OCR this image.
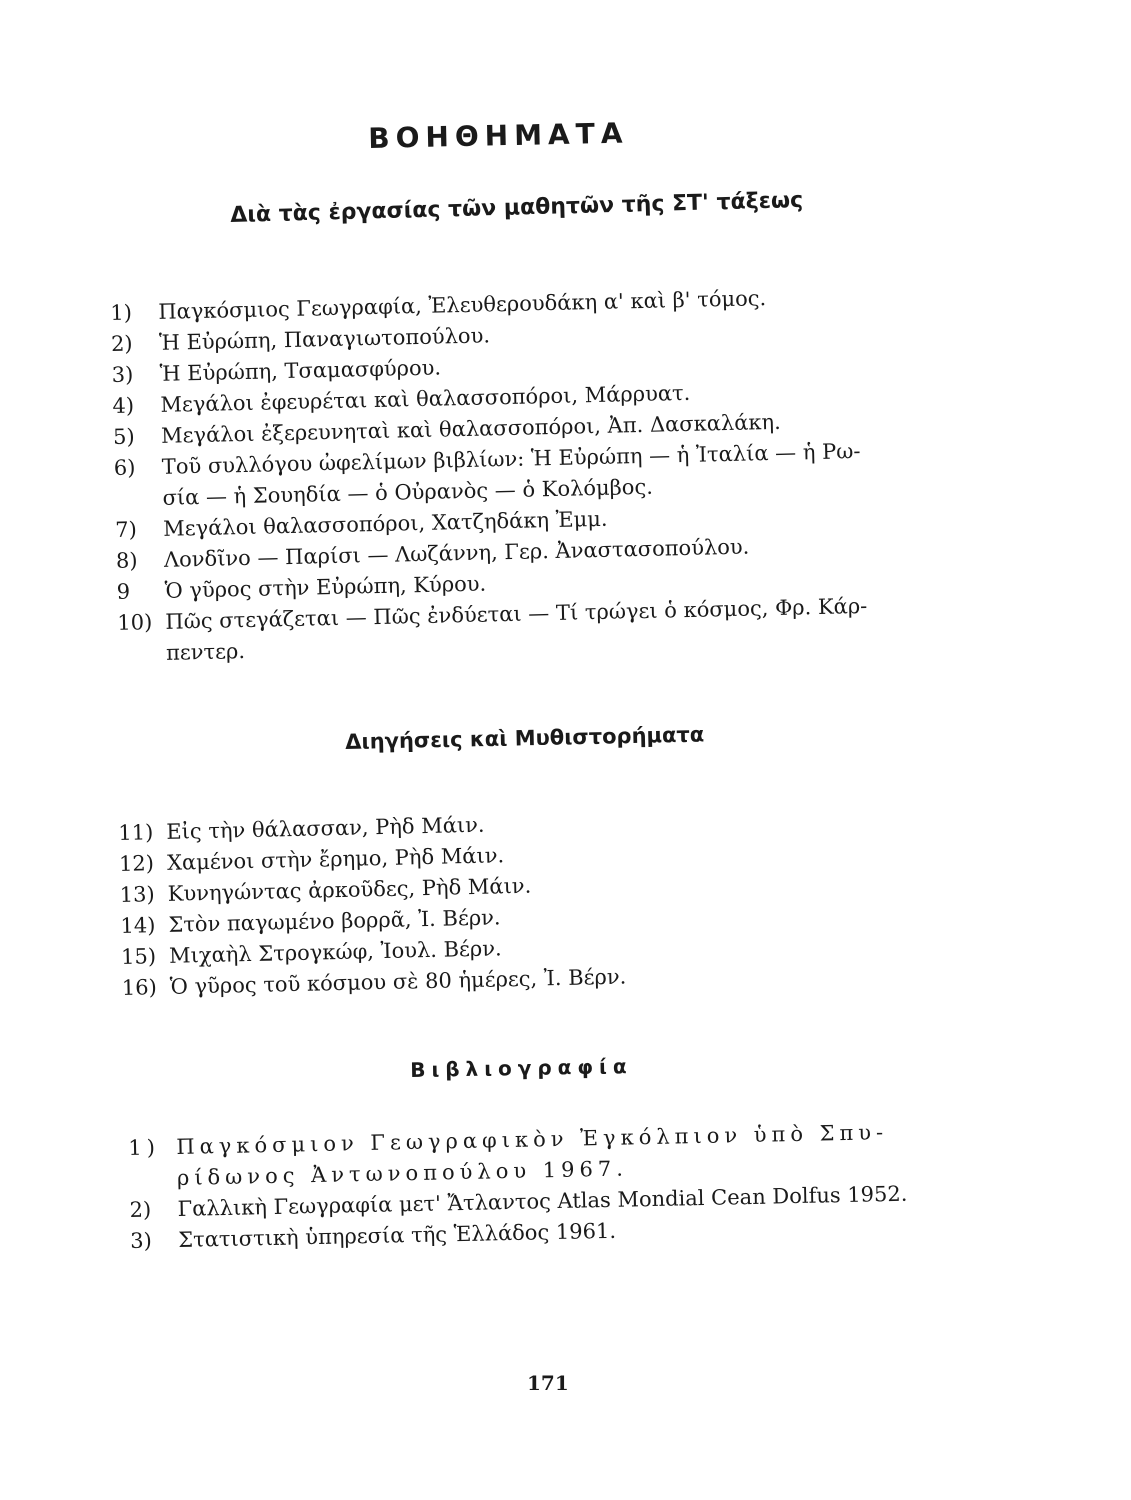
ΒΟΗΘΗΜΑΤΑ
Διὰ τὰς ἐργασίας τῶν μαθητῶν τῆς ΣΤ' τάξεως
1) Παγκόσμιος Γεωγραφία, Ἐλευθερουδάκη α' καὶ β' τόμος.
2) Ἡ Εὐρώπη, Παναγιωτοπούλου.
3) Ἡ Εὐρώπη, Τσαμασφύρου.
4) Μεγάλοι ἐφευρέται καὶ θαλασσοπόροι, Μάρρυατ.
5) Μεγάλοι ἐξερευνηταὶ καὶ θαλασσοπόροι, Ἀπ. Δασκαλάκη.
6) Τοῦ συλλόγου ὠφελίμων βιβλίων: Ἡ Εὐρώπη — ἡ Ἰταλία — ἡ Ρω-
σία — ἡ Σουηδία — ὁ Οὐρανὸς — ὁ Κολόμβος.
7) Μεγάλοι θαλασσοπόροι, Χατζηδάκη Ἐμμ.
8) Λονδῖνο — Παρίσι — Λωζάννη, Γερ. Ἀναστασοπούλου.
9 Ὁ γῦρος στὴν Εὐρώπη, Κύρου.
10) Πῶς στεγάζεται — Πῶς ἐνδύεται — Τί τρώγει ὁ κόσμος, Φρ. Κάρ-
πεντερ.
Διηγήσεις καὶ Μυθιστορήματα
11) Εἰς τὴν θάλασσαν, Ρὴδ Μάιν.
12) Χαμένοι στὴν ἔρημο, Ρὴδ Μάιν.
13) Κυνηγώντας ἀρκοῦδες, Ρὴδ Μάιν.
14) Στὸν παγωμένο βορρᾶ, Ἰ. Βέρν.
15) Μιχαὴλ Στρογκώφ, Ἰουλ. Βέρν.
16) Ὁ γῦρος τοῦ κόσμου σὲ 80 ἡμέρες, Ἰ. Βέρν.
Βιβλιογραφία
1) Παγκόσμιον Γεωγραφικὸν Ἐγκόλπιον ὑπὸ Σπυ-
ρίδωνος Ἀντωνοπούλου 1967.
2) Γαλλικὴ Γεωγραφία μετ' Ἄτλαντος Atlas Mondial Cean Dolfus 1952.
3) Στατιστικὴ ὑπηρεσία τῆς Ἑλλάδος 1961.
171
